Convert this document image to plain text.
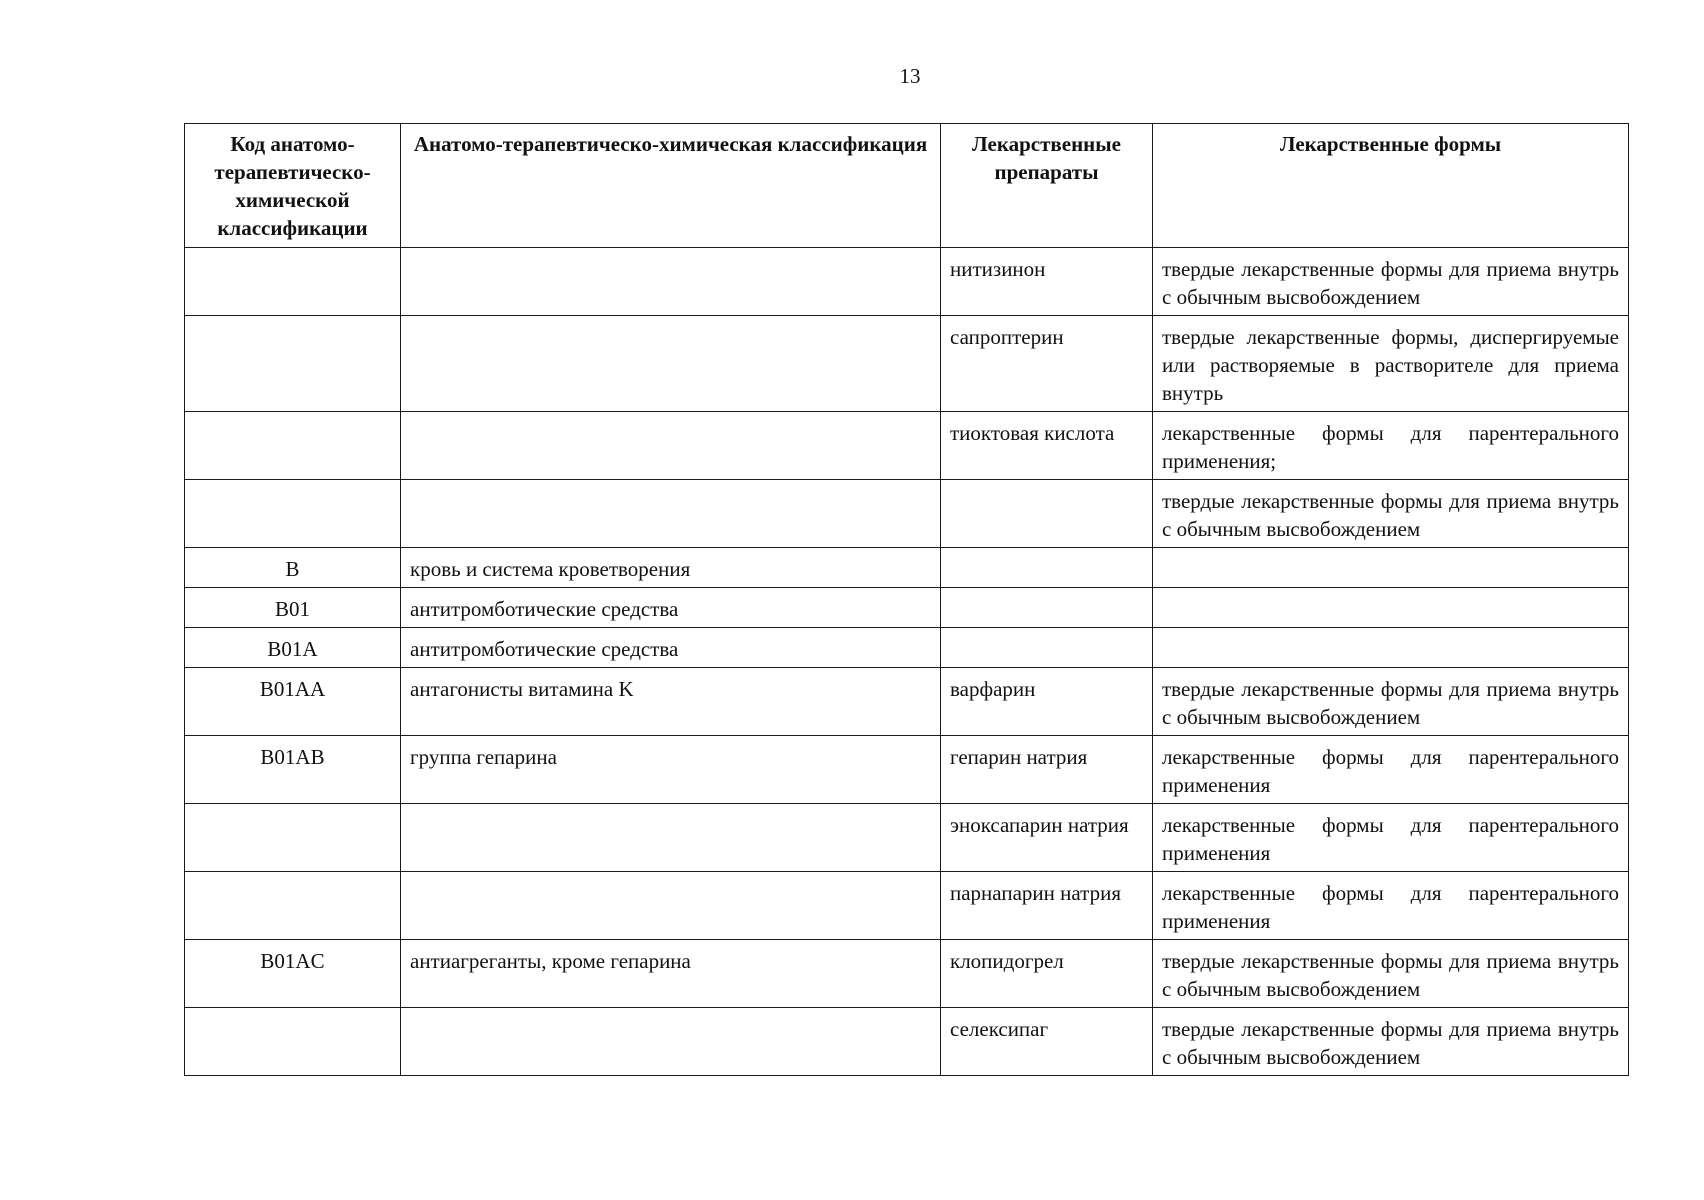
13
Код анатомо-терапевтическо-химической классификации	Анатомо-терапевтическо-химическая классификация	Лекарственные препараты	Лекарственные формы
		нитизинон	твердые лекарственные формы для приема внутрь с обычным высвобождением
		сапроптерин	твердые лекарственные формы, диспергируемые или растворяемые в растворителе для приема внутрь
		тиоктовая кислота	лекарственные формы для парентерального применения;
			твердые лекарственные формы для приема внутрь с обычным высвобождением
B	кровь и система кроветворения		
B01	антитромботические средства		
B01A	антитромботические средства		
B01AA	антагонисты витамина K	варфарин	твердые лекарственные формы для приема внутрь с обычным высвобождением
B01AB	группа гепарина	гепарин натрия	лекарственные формы для парентерального применения
		эноксапарин натрия	лекарственные формы для парентерального применения
		парнапарин натрия	лекарственные формы для парентерального применения
B01AC	антиагреганты, кроме гепарина	клопидогрел	твердые лекарственные формы для приема внутрь с обычным высвобождением
		селексипаг	твердые лекарственные формы для приема внутрь с обычным высвобождением
